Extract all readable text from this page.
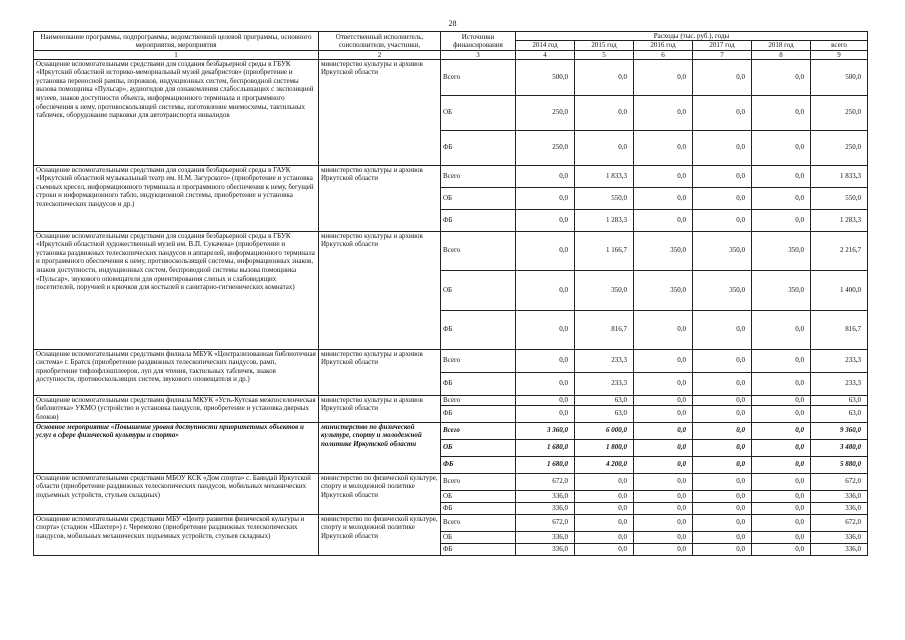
28
Наименование программы, подпрограммы, ведомственной целевой программы, основного мероприятия, мероприятия	Ответственный исполнитель, соисполнители, участники,	Источники финансирования	Расходы (тыс. руб.), годы					
			2014 год	2015 год	2016 год	2017 год	2018 год	всего
1	2	3	4	5	6	7	8	9
Оснащение вспомогательными средствами для создания безбарьерной среды в ГБУК «Иркутский областной историко-мемориальный музей декабристов» (приобретение и установка переносной рампы, порожков, индукционных систем, беспроводной системы вызова помощника «Пульсар», аудиогидов для ознакомления слабослышащих с экспозицией музеев, знаков доступности объекта, информационного терминала и программного обеспечения к нему, противоскользящей системы, изготовление мнемосхемы, тактильных табличек, оборудование парковки для автотранспорта инвалидов	министерство культуры и архивов Иркутской области	Всего	500,0	0,0	0,0	0,0	0,0	500,0
		ОБ	250,0	0,0	0,0	0,0	0,0	250,0
		ФБ	250,0	0,0	0,0	0,0	0,0	250,0
Оснащение вспомогательными средствами для создания безбарьерной среды в ГАУК «Иркутский областной музыкальный театр им. Н.М. Загурского» (приобретение и установка съемных кресел, информационного терминала и программного обеспечения к нему, бегущей строки и информационного табло, индукционной системы, приобретение и установка телескопических пандусов и др.)	министерство культуры и архивов Иркутской области	Всего	0,0	1 833,3	0,0	0,0	0,0	1 833,3
		ОБ	0,0	550,0	0,0	0,0	0,0	550,0
		ФБ	0,0	1 283,3	0,0	0,0	0,0	1 283,3
Оснащение вспомогательными средствами для создания безбарьерной среды в ГБУК «Иркутский областной художественный музей им. В.П. Сукачева» (приобретение и установка раздвижных телескопических пандусов и аппарелей, информационного терминала и программного обеспечения к нему, противоскользящей системы, информационных знаков, знаков доступности, индукционных систем, беспроводной системы вызова помощника «Пульсар», звукового оповещателя для ориентирования слепых и слабовидящих посетителей, поручней и крючков для костылей в санитарно-гигиенических комнатах)	министерство культуры и архивов Иркутской области	Всего	0,0	1 166,7	350,0	350,0	350,0	2 216,7
		ОБ	0,0	350,0	350,0	350,0	350,0	1 400,0
		ФБ	0,0	816,7	0,0	0,0	0,0	816,7
Оснащение вспомогательными средствами филиала МБУК «Централизованная библиотечная система» г. Братск (приобретение раздвижных телескопических пандусов, рамп, приобретение тифлофлэшплееров, луп для чтения, тактильных табличек, знаков доступности, противоскользящих систем, звукового оповещателя и др.)	министерство культуры и архивов Иркутской области	Всего	0,0	233,3	0,0	0,0	0,0	233,3
		ФБ	0,0	233,3	0,0	0,0	0,0	233,3
Оснащение вспомогательными средствами филиала МКУК «Усть-Кутская межпоселенческая библиотека» УКМО (устройство и установка пандусов, приобретение и установка дверных блоков)	министерство культуры и архивов Иркутской области	Всего	0,0	63,0	0,0	0,0	0,0	63,0
		ФБ	0,0	63,0	0,0	0,0	0,0	63,0
Основное мероприятие «Повышение уровня доступности приоритетных объектов и услуг в сфере физической культуры и спорта»	министерство по физической культуре, спорту и молодежной политике Иркутской области	Всего	3 360,0	6 000,0	0,0	0,0	0,0	9 360,0
		ОБ	1 680,0	1 800,0	0,0	0,0	0,0	3 480,0
		ФБ	1 680,0	4 200,0	0,0	0,0	0,0	5 880,0
Оснащение вспомогательными средствами МБОУ КСК «Дом спорта» с. Баяндай Иркутской области (приобретение раздвижных телескопических пандусов, мобильных механических подъемных устройств, стульев складных)	министерство по физической культуре, спорту и молодежной политике Иркутской области	Всего	672,0	0,0	0,0	0,0	0,0	672,0
		ОБ	336,0	0,0	0,0	0,0	0,0	336,0
		ФБ	336,0	0,0	0,0	0,0	0,0	336,0
Оснащение вспомогательными средствами МБУ «Центр развития физической культуры и спорта» (стадион «Шахтер») г. Черемхово (приобретение раздвижных телескопических пандусов, мобильных механических подъемных устройств, стульев складных)	министерство по физической культуре, спорту и молодежной политике Иркутской области	Всего	672,0	0,0	0,0	0,0	0,0	672,0
		ОБ	336,0	0,0	0,0	0,0	0,0	336,0
		ФБ	336,0	0,0	0,0	0,0	0,0	336,0
